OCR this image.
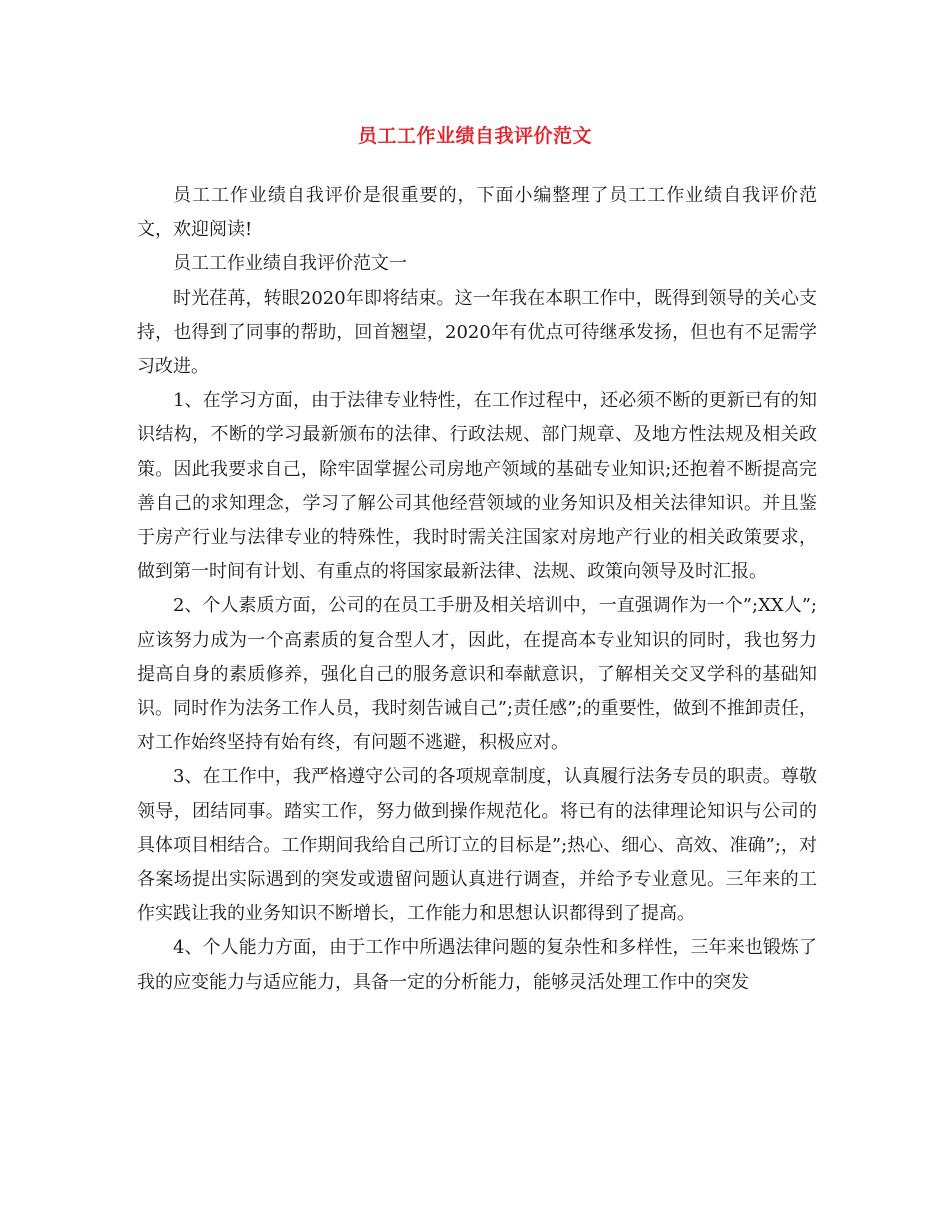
员工工作业绩自我评价范文

员工工作业绩自我评价是很重要的，下面小编整理了员工工作业绩自我评价范文，欢迎阅读!

员工工作业绩自我评价范文一

时光荏苒，转眼2020年即将结束。这一年我在本职工作中，既得到领导的关心支持，也得到了同事的帮助，回首翘望，2020年有优点可待继承发扬，但也有不足需学习改进。

1、在学习方面，由于法律专业特性，在工作过程中，还必须不断的更新已有的知识结构，不断的学习最新颁布的法律、行政法规、部门规章、及地方性法规及相关政策。因此我要求自己，除牢固掌握公司房地产领域的基础专业知识;还抱着不断提高完善自己的求知理念，学习了解公司其他经营领域的业务知识及相关法律知识。并且鉴于房产行业与法律专业的特殊性，我时时需关注国家对房地产行业的相关政策要求，做到第一时间有计划、有重点的将国家最新法律、法规、政策向领导及时汇报。

2、个人素质方面，公司的在员工手册及相关培训中，一直强调作为一个”;XX人”;应该努力成为一个高素质的复合型人才，因此，在提高本专业知识的同时，我也努力提高自身的素质修养，强化自己的服务意识和奉献意识，了解相关交叉学科的基础知识。同时作为法务工作人员，我时刻告诫自己”;责任感”;的重要性，做到不推卸责任，对工作始终坚持有始有终，有问题不逃避，积极应对。

3、在工作中，我严格遵守公司的各项规章制度，认真履行法务专员的职责。尊敬领导，团结同事。踏实工作，努力做到操作规范化。将已有的法律理论知识与公司的具体项目相结合。工作期间我给自己所订立的目标是”;热心、细心、高效、准确”;，对各案场提出实际遇到的突发或遗留问题认真进行调查，并给予专业意见。三年来的工作实践让我的业务知识不断增长，工作能力和思想认识都得到了提高。

4、个人能力方面，由于工作中所遇法律问题的复杂性和多样性，三年来也锻炼了我的应变能力与适应能力，具备一定的分析能力，能够灵活处理工作中的突发
